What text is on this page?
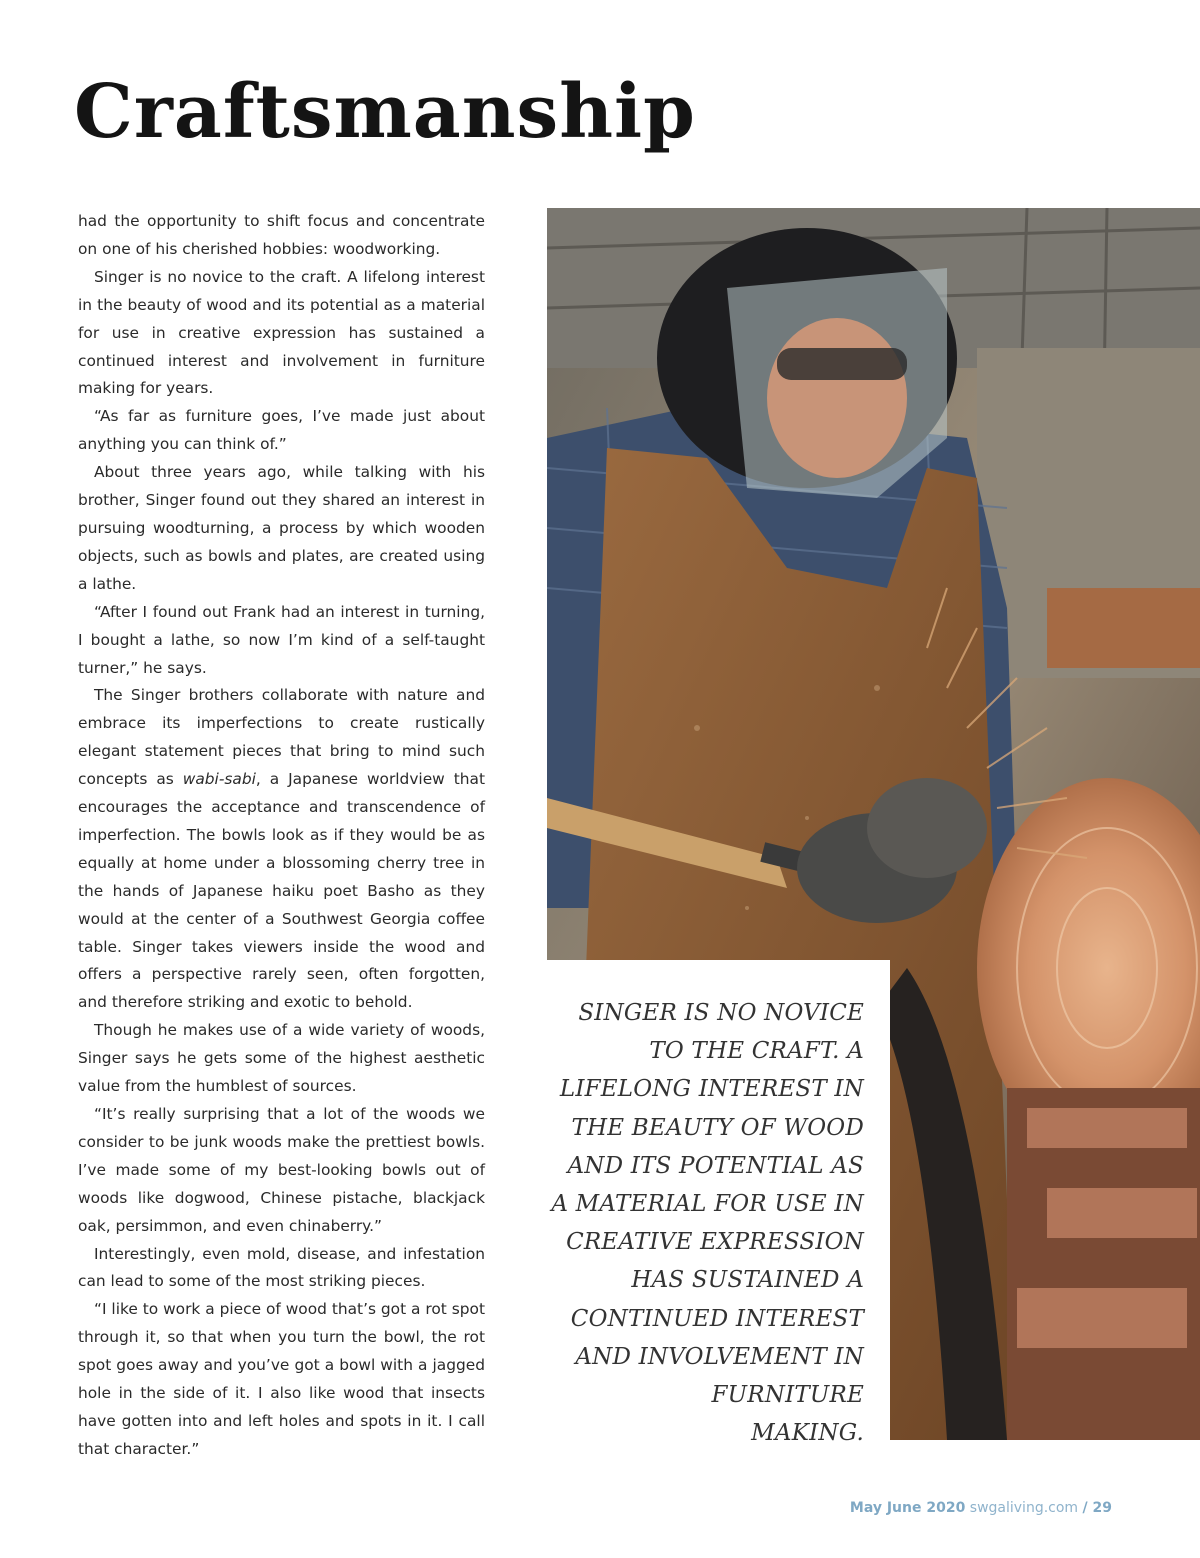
Craftsmanship

had the opportunity to shift focus and concentrate on one of his cherished hobbies: woodworking.

Singer is no novice to the craft. A lifelong interest in the beauty of wood and its potential as a material for use in creative expression has sustained a continued interest and involvement in furniture making for years.

“As far as furniture goes, I’ve made just about anything you can think of.”

About three years ago, while talking with his brother, Singer found out they shared an interest in pursuing woodturning, a process by which wooden objects, such as bowls and plates, are created using a lathe.

“After I found out Frank had an interest in turning, I bought a lathe, so now I’m kind of a self-taught turner,” he says.

The Singer brothers collaborate with nature and embrace its imperfections to create rustically elegant statement pieces that bring to mind such concepts as wabi-sabi, a Japanese worldview that encourages the acceptance and transcendence of imperfection. The bowls look as if they would be as equally at home under a blossoming cherry tree in the hands of Japanese haiku poet Basho as they would at the center of a Southwest Georgia coffee table. Singer takes viewers inside the wood and offers a perspective rarely seen, often forgotten, and therefore striking and exotic to behold.

Though he makes use of a wide variety of woods, Singer says he gets some of the highest aesthetic value from the humblest of sources.

“It’s really surprising that a lot of the woods we consider to be junk woods make the prettiest bowls. I’ve made some of my best-looking bowls out of woods like dogwood, Chinese pistache, blackjack oak, persimmon, and even chinaberry.”

Interestingly, even mold, disease, and infestation can lead to some of the most striking pieces.

“I like to work a piece of wood that’s got a rot spot through it, so that when you turn the bowl, the rot spot goes away and you’ve got a bowl with a jagged hole in the side of it. I also like wood that insects have gotten into and left holes and spots in it. I call that character.”

SINGER IS NO NOVICE
TO THE CRAFT. A
LIFELONG INTEREST IN
THE BEAUTY OF WOOD
AND ITS POTENTIAL AS
A MATERIAL FOR USE IN
CREATIVE EXPRESSION
HAS SUSTAINED A
CONTINUED INTEREST
AND INVOLVEMENT IN
FURNITURE
MAKING.

May June 2020 swgaliving.com / 29
